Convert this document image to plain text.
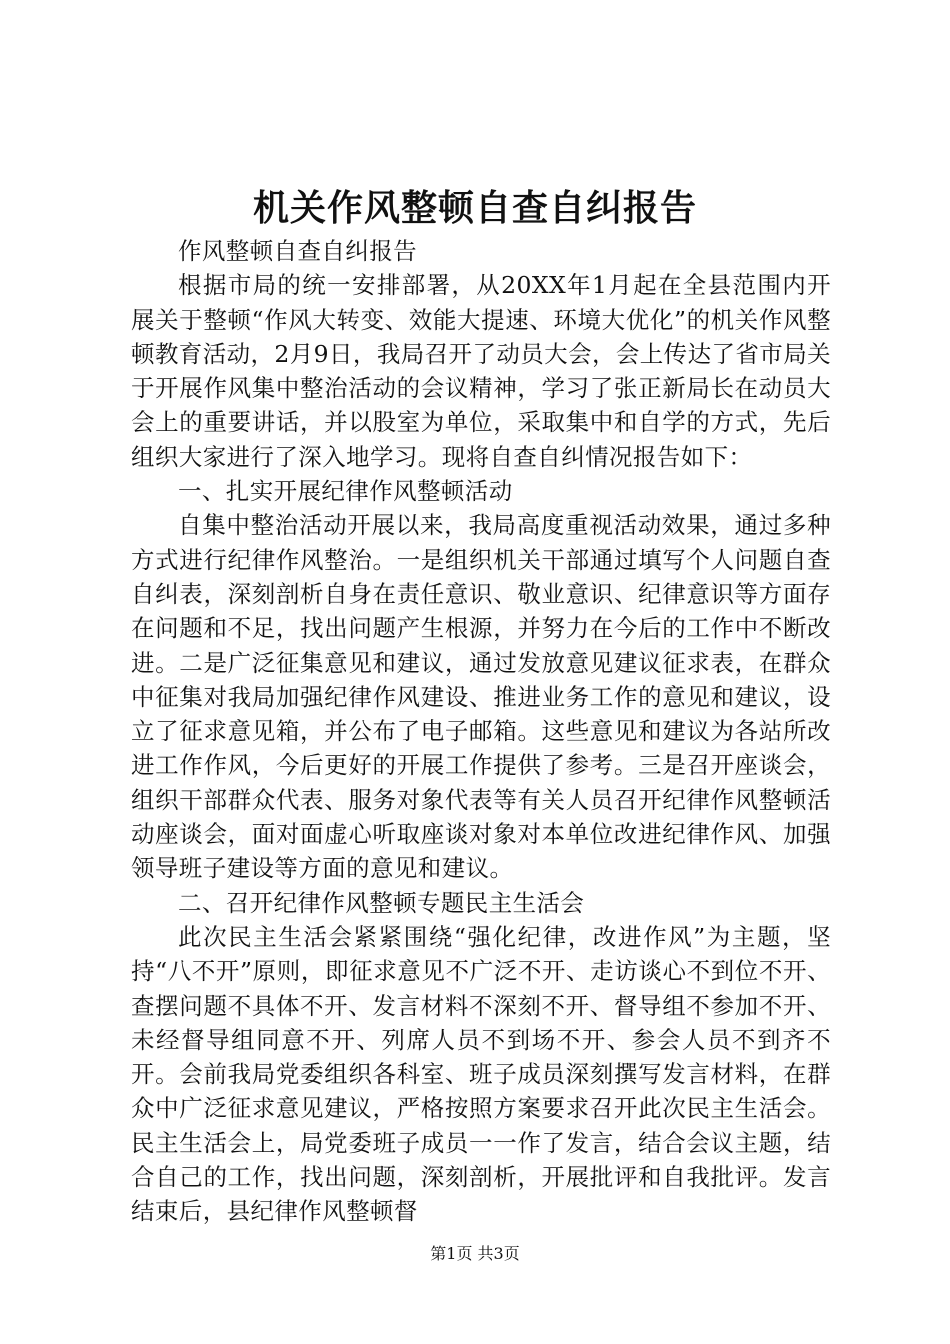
机关作风整顿自查自纠报告

作风整顿自查自纠报告

根据市局的统一安排部署，从20XX年1月起在全县范围内开展关于整顿“作风大转变、效能大提速、环境大优化”的机关作风整顿教育活动，2月9日，我局召开了动员大会，会上传达了省市局关于开展作风集中整治活动的会议精神，学习了张正新局长在动员大会上的重要讲话，并以股室为单位，采取集中和自学的方式，先后组织大家进行了深入地学习。现将自查自纠情况报告如下：

一、扎实开展纪律作风整顿活动

自集中整治活动开展以来，我局高度重视活动效果，通过多种方式进行纪律作风整治。一是组织机关干部通过填写个人问题自查自纠表，深刻剖析自身在责任意识、敬业意识、纪律意识等方面存在问题和不足，找出问题产生根源，并努力在今后的工作中不断改进。二是广泛征集意见和建议，通过发放意见建议征求表，在群众中征集对我局加强纪律作风建设、推进业务工作的意见和建议，设立了征求意见箱，并公布了电子邮箱。这些意见和建议为各站所改进工作作风，今后更好的开展工作提供了参考。三是召开座谈会，组织干部群众代表、服务对象代表等有关人员召开纪律作风整顿活动座谈会，面对面虚心听取座谈对象对本单位改进纪律作风、加强领导班子建设等方面的意见和建议。

二、召开纪律作风整顿专题民主生活会

此次民主生活会紧紧围绕“强化纪律，改进作风”为主题，坚持“八不开”原则，即征求意见不广泛不开、走访谈心不到位不开、查摆问题不具体不开、发言材料不深刻不开、督导组不参加不开、未经督导组同意不开、列席人员不到场不开、参会人员不到齐不开。会前我局党委组织各科室、班子成员深刻撰写发言材料，在群众中广泛征求意见建议，严格按照方案要求召开此次民主生活会。民主生活会上，局党委班子成员一一作了发言，结合会议主题，结合自己的工作，找出问题，深刻剖析，开展批评和自我批评。发言结束后，县纪律作风整顿督

第1页 共3页
